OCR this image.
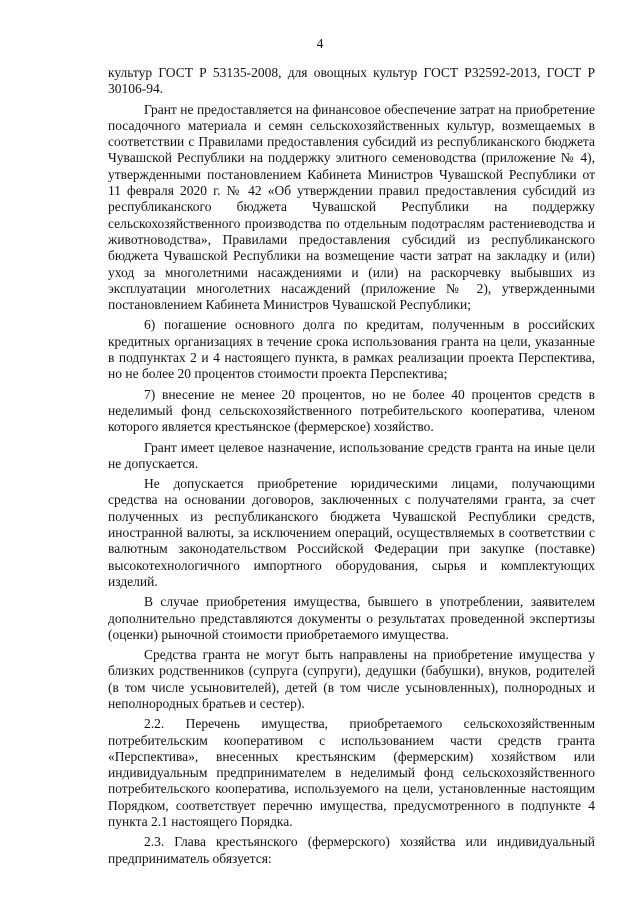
4

культур ГОСТ Р 53135-2008, для овощных культур ГОСТ Р32592-2013, ГОСТ Р 30106-94.

Грант не предоставляется на финансовое обеспечение затрат на приобретение посадочного материала и семян сельскохозяйственных культур, возмещаемых в соответствии с Правилами предоставления субсидий из республиканского бюджета Чувашской Республики на поддержку элитного семеноводства (приложение № 4), утвержденными постановлением Кабинета Министров Чувашской Республики от 11 февраля 2020 г. № 42 «Об утверждении правил предоставления субсидий из республиканского бюджета Чувашской Республики на поддержку сельскохозяйственного производства по отдельным подотраслям растениеводства и животноводства», Правилами предоставления субсидий из республиканского бюджета Чувашской Республики на возмещение части затрат на закладку и (или) уход за многолетними насаждениями и (или) на раскорчевку выбывших из эксплуатации многолетних насаждений (приложение № 2), утвержденными постановлением Кабинета Министров Чувашской Республики;

6) погашение основного долга по кредитам, полученным в российских кредитных организациях в течение срока использования гранта на цели, указанные в подпунктах 2 и 4 настоящего пункта, в рамках реализации проекта Перспектива, но не более 20 процентов стоимости проекта Перспектива;

7) внесение не менее 20 процентов, но не более 40 процентов средств в неделимый фонд сельскохозяйственного потребительского кооператива, членом которого является крестьянское (фермерское) хозяйство.

Грант имеет целевое назначение, использование средств гранта на иные цели не допускается.

Не допускается приобретение юридическими лицами, получающими средства на основании договоров, заключенных с получателями гранта, за счет полученных из республиканского бюджета Чувашской Республики средств, иностранной валюты, за исключением операций, осуществляемых в соответствии с валютным законодательством Российской Федерации при закупке (поставке) высокотехнологичного импортного оборудования, сырья и комплектующих изделий.

В случае приобретения имущества, бывшего в употреблении, заявителем дополнительно представляются документы о результатах проведенной экспертизы (оценки) рыночной стоимости приобретаемого имущества.

Средства гранта не могут быть направлены на приобретение имущества у близких родственников (супруга (супруги), дедушки (бабушки), внуков, родителей (в том числе усыновителей), детей (в том числе усыновленных), полнородных и неполнородных братьев и сестер).

2.2. Перечень имущества, приобретаемого сельскохозяйственным потребительским кооперативом с использованием части средств гранта «Перспектива», внесенных крестьянским (фермерским) хозяйством или индивидуальным предпринимателем в неделимый фонд сельскохозяйственного потребительского кооператива, используемого на цели, установленные настоящим Порядком, соответствует перечню имущества, предусмотренного в подпункте 4 пункта 2.1 настоящего Порядка.

2.3. Глава крестьянского (фермерского) хозяйства или индивидуальный предприниматель обязуется:
